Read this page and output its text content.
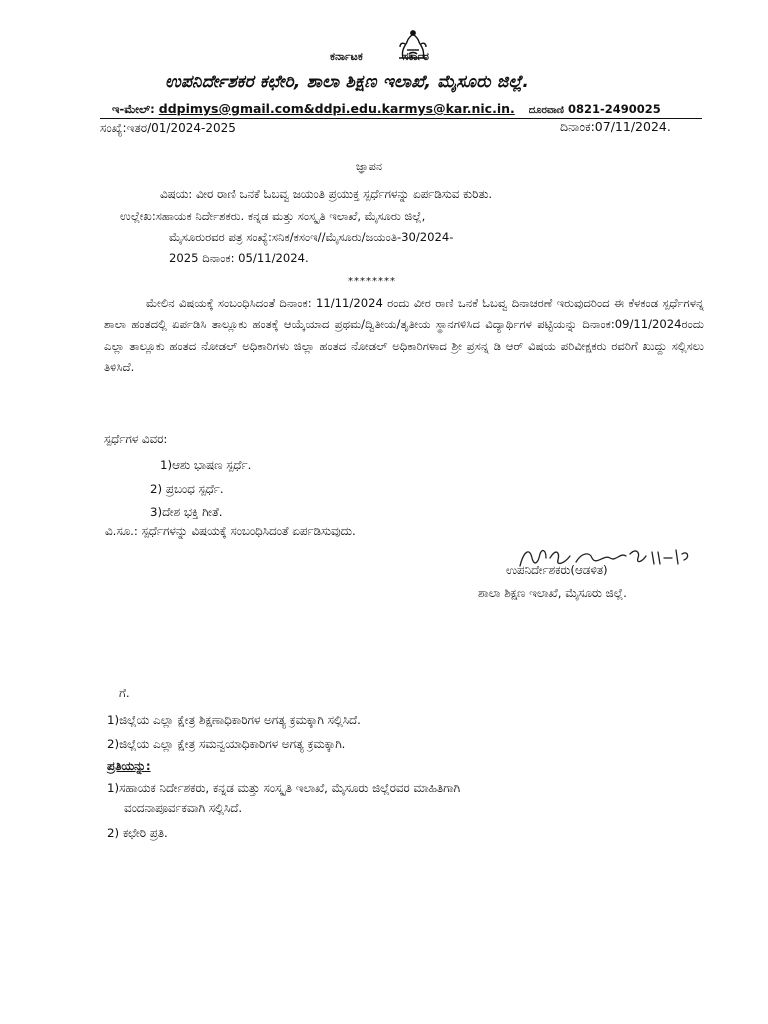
ಕರ್ನಾಟಕ	ಸರ್ಕಾರ
ಉಪನಿರ್ದೇಶಕರ ಕಛೇರಿ, ಶಾಲಾ ಶಿಕ್ಷಣ ಇಲಾಖೆ, ಮೈಸೂರು ಜಿಲ್ಲೆ.
ಇ-ಮೇಲ್: ddpimys@gmail.com&ddpi.edu.karmys@kar.nic.in. ದೂರವಾಣಿ 0821-2490025
ಸಂಖ್ಯೆ:ಇತರ/01/2024-2025	ದಿನಾಂಕ:07/11/2024.
ಜ್ಞಾಪನ
ವಿಷಯ: ವೀರ ರಾಣಿ ಒನಕೆ ಓಬವ್ವ ಜಯಂತಿ ಪ್ರಯುಕ್ತ ಸ್ಪರ್ಧೆಗಳನ್ನು ಏರ್ಪಡಿಸುವ ಕುರಿತು.
ಉಲ್ಲೇಖ:ಸಹಾಯಕ ನಿರ್ದೇಶಕರು. ಕನ್ನಡ ಮತ್ತು ಸಂಸ್ಕೃತಿ ಇಲಾಖೆ, ಮೈಸೂರು ಜಿಲ್ಲೆ,
ಮೈಸೂರುರವರ ಪತ್ರ ಸಂಖ್ಯೆ:ಸನಿಕ/ಕಸಂಇ//ಮೈಸೂರು/ಜಯಂತಿ-30/2024-
2025 ದಿನಾಂಕ: 05/11/2024.
********
ಮೇಲಿನ ವಿಷಯಕ್ಕೆ ಸಂಬಂಧಿಸಿದಂತೆ ದಿನಾಂಕ: 11/11/2024 ರಂದು ವೀರ ರಾಣಿ ಒನಕೆ ಓಬವ್ವ ದಿನಾಚರಣೆ ಇರುವುದರಿಂದ ಈ ಕೆಳಕಂಡ ಸ್ಪರ್ಧೆಗಳನ್ನ ಶಾಲಾ ಹಂತದಲ್ಲಿ ಏರ್ಪಡಿಸಿ ತಾಲ್ಲೂಕು ಹಂತಕ್ಕೆ ಆಯ್ಕೆಯಾದ ಪ್ರಥಮ/ದ್ವಿತೀಯ/ತೃತೀಯ ಸ್ಥಾನಗಳಿಸಿದ ವಿದ್ಯಾರ್ಥಿಗಳ ಪಟ್ಟಿಯನ್ನು ದಿನಾಂಕ:09/11/2024ರಂದು ಎಲ್ಲಾ ತಾಲ್ಲೂಕು ಹಂತದ ನೋಡಲ್ ಅಧಿಕಾರಿಗಳು ಜಿಲ್ಲಾ ಹಂತದ ನೋಡಲ್ ಅಧಿಕಾರಿಗಳಾದ ಶ್ರೀ ಪ್ರಸನ್ನ ಡಿ ಆರ್ ವಿಷಯ ಪರಿವೀಕ್ಷಕರು ರವರಿಗೆ ಖುದ್ದು ಸಲ್ಲಿಸಲು ತಿಳಿಸಿದೆ.
ಸ್ಪರ್ಧೆಗಳ ವಿವರ:
1)ಆಶು ಭಾಷಣ ಸ್ಪರ್ಧೆ.
2) ಪ್ರಬಂಧ ಸ್ಪರ್ಧೆ.
3)ದೇಶ ಭಕ್ತಿ ಗೀತೆ.
ವಿ.ಸೂ.: ಸ್ಪರ್ಧೆಗಳನ್ನು ವಿಷಯಕ್ಕೆ ಸಂಬಂಧಿಸಿದಂತೆ ಏರ್ಪಡಿಸುವುದು.
ಉಪನಿರ್ದೇಶಕರು(ಆಡಳಿತ)
ಶಾಲಾ ಶಿಕ್ಷಣ ಇಲಾಖೆ, ಮೈಸೂರು ಜಿಲ್ಲೆ.
ಗೆ.
1)ಜಿಲ್ಲೆಯ ಎಲ್ಲಾ ಕ್ಷೇತ್ರ ಶಿಕ್ಷಣಾಧಿಕಾರಿಗಳ ಅಗತ್ಯ ಕ್ರಮಕ್ಕಾಗಿ ಸಲ್ಲಿಸಿದೆ.
2)ಜಿಲ್ಲೆಯ ಎಲ್ಲಾ ಕ್ಷೇತ್ರ ಸಮನ್ವಯಾಧಿಕಾರಿಗಳ ಅಗತ್ಯ ಕ್ರಮಕ್ಕಾಗಿ.
ಪ್ರತಿಯನ್ನು:
1)ಸಹಾಯಕ ನಿರ್ದೇಶಕರು, ಕನ್ನಡ ಮತ್ತು ಸಂಸ್ಕೃತಿ ಇಲಾಖೆ, ಮೈಸೂರು ಜಿಲ್ಲೆರವರ ಮಾಹಿತಿಗಾಗಿ
ವಂದನಾಪೂರ್ವಕವಾಗಿ ಸಲ್ಲಿಸಿದೆ.
2) ಕಛೇರಿ ಪ್ರತಿ.
